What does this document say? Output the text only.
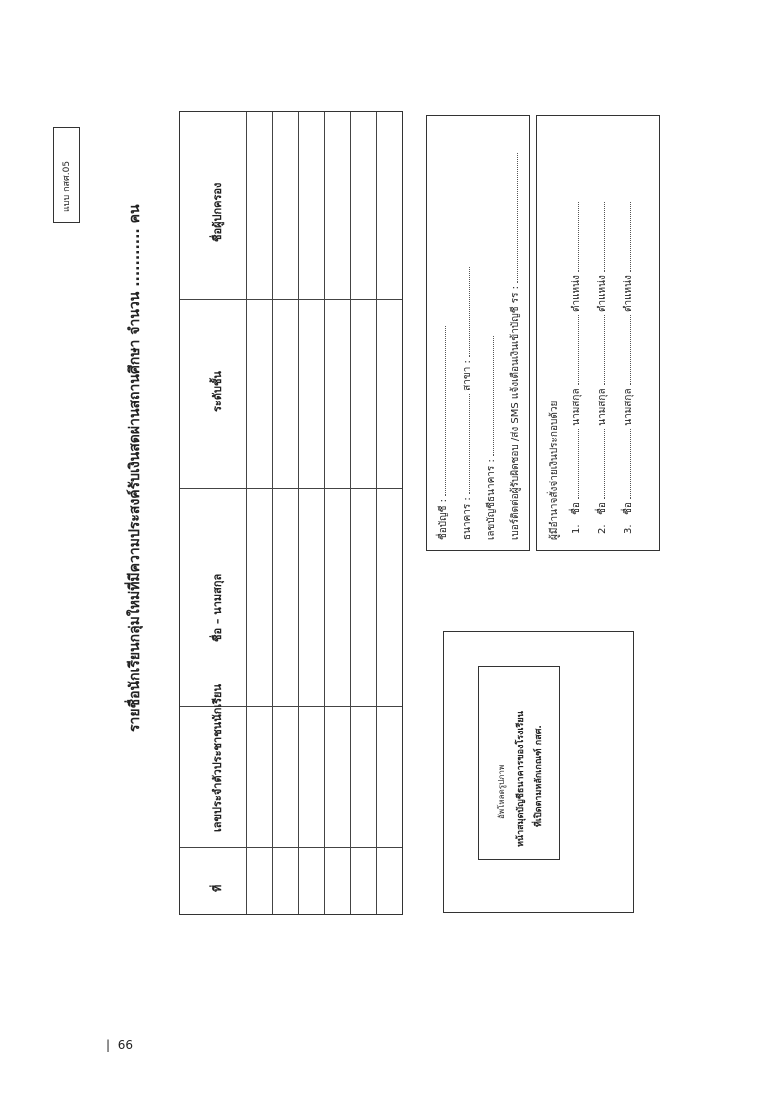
แบบ กสศ.05
รายชื่อนักเรียนกลุ่มใหม่ที่มีความประสงค์รับเงินสดผ่านสถานศึกษา จำนวน ........... คน
ที่
เลขประจำตัวประชาชนนักเรียน
ชื่อ – นามสกุล
ระดับชั้น
ชื่อผู้ปกครอง
ชื่อบัญชี : ธนาคาร :  สาขา :
เลขบัญชีธนาคาร : เบอร์ติดต่อผู้รับผิดชอบ /ส่ง SMS แจ้งเตือนเงินเข้าบัญชี รร :	ผู้มีอำนาจสั่งจ่ายเงินประกอบด้วย 1.   ชื่อ  นามสกุล  ตำแหน่ง
2.   ชื่อ  นามสกุล  ตำแหน่ง
3.   ชื่อ  นามสกุล  ตำแหน่ง
อัพโหลดรูปภาพ	หน้าสมุดบัญชีธนาคารของโรงเรียน ที่เปิดตามหลักเกณฑ์ กสศ.
| 66
